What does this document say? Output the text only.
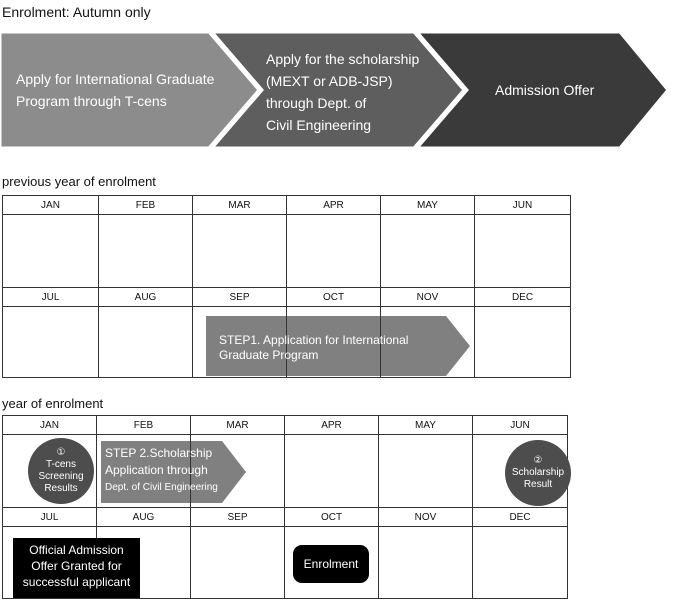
Enrolment: Autumn only
Apply for International Graduate
Program through T-cens
Apply for the scholarship
(MEXT or ADB-JSP)
through Dept. of
Civil Engineering
Admission Offer
previous year of enrolment
JAN	FEB	MAR	APR	MAY	JUN

JUL	AUG	SEP	OCT	NOV	DEC

STEP1. Application for International
Graduate Program
year of enrolment
JAN	FEB	MAR	APR	MAY	JUN

JUL	AUG	SEP	OCT	NOV	DEC

①
T-cens
Screening
Results
STEP 2.Scholarship
Application through
Dept. of Civil Engineering
②
Scholarship
Result
Official Admission
Offer Granted for
successful applicant
Enrolment
